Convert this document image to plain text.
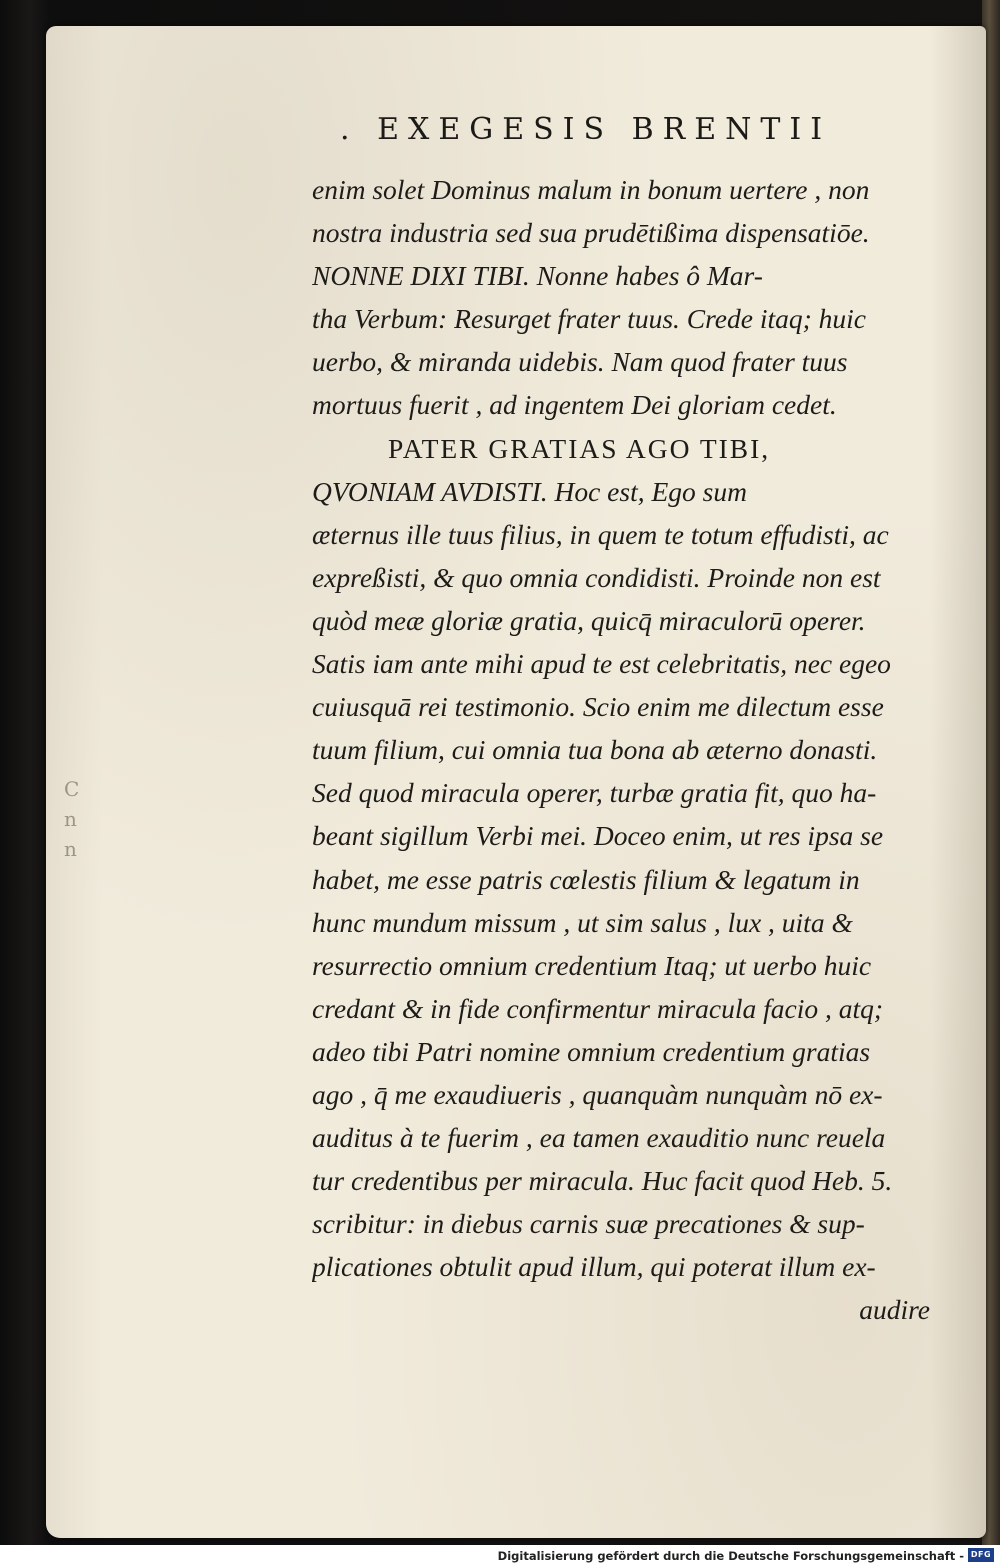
C
n
n
. EXEGESIS BRENTII
enim solet Dominus malum in bonum uertere , non
nostra industria sed sua prudētißima dispensatiōe.
NONNE DIXI TIBI. Nonne habes ô Mar-
tha Verbum: Resurget frater tuus. Crede itaq; huic
uerbo, & miranda uidebis. Nam quod frater tuus
mortuus fuerit , ad ingentem Dei gloriam cedet.
PATER GRATIAS AGO TIBI,
QVONIAM AVDISTI. Hoc est, Ego sum
æternus ille tuus filius, in quem te totum effudisti, ac
expreßisti, & quo omnia condidisti. Proinde non est
quòd meæ gloriæ gratia, quicq̄ miraculorū operer.
Satis iam ante mihi apud te est celebritatis, nec egeo
cuiusquā rei testimonio. Scio enim me dilectum esse
tuum filium, cui omnia tua bona ab æterno donasti.
Sed quod miracula operer, turbæ gratia fit, quo ha-
beant sigillum Verbi mei. Doceo enim, ut res ipsa se
habet, me esse patris cœlestis filium & legatum in
hunc mundum missum , ut sim salus , lux , uita &
resurrectio omnium credentium Itaq; ut uerbo huic
credant & in fide confirmentur miracula facio , atq;
adeo tibi Patri nomine omnium credentium gratias
ago , q̄ me exaudiueris , quanquàm nunquàm nō ex-
auditus à te fuerim , ea tamen exauditio nunc reuela
tur credentibus per miracula. Huc facit quod Heb. 5.
scribitur: in diebus carnis suæ precationes & sup-
plicationes obtulit apud illum, qui poterat illum ex-
audire
Digitalisierung gefördert durch die Deutsche Forschungsgemeinschaft - DFG
